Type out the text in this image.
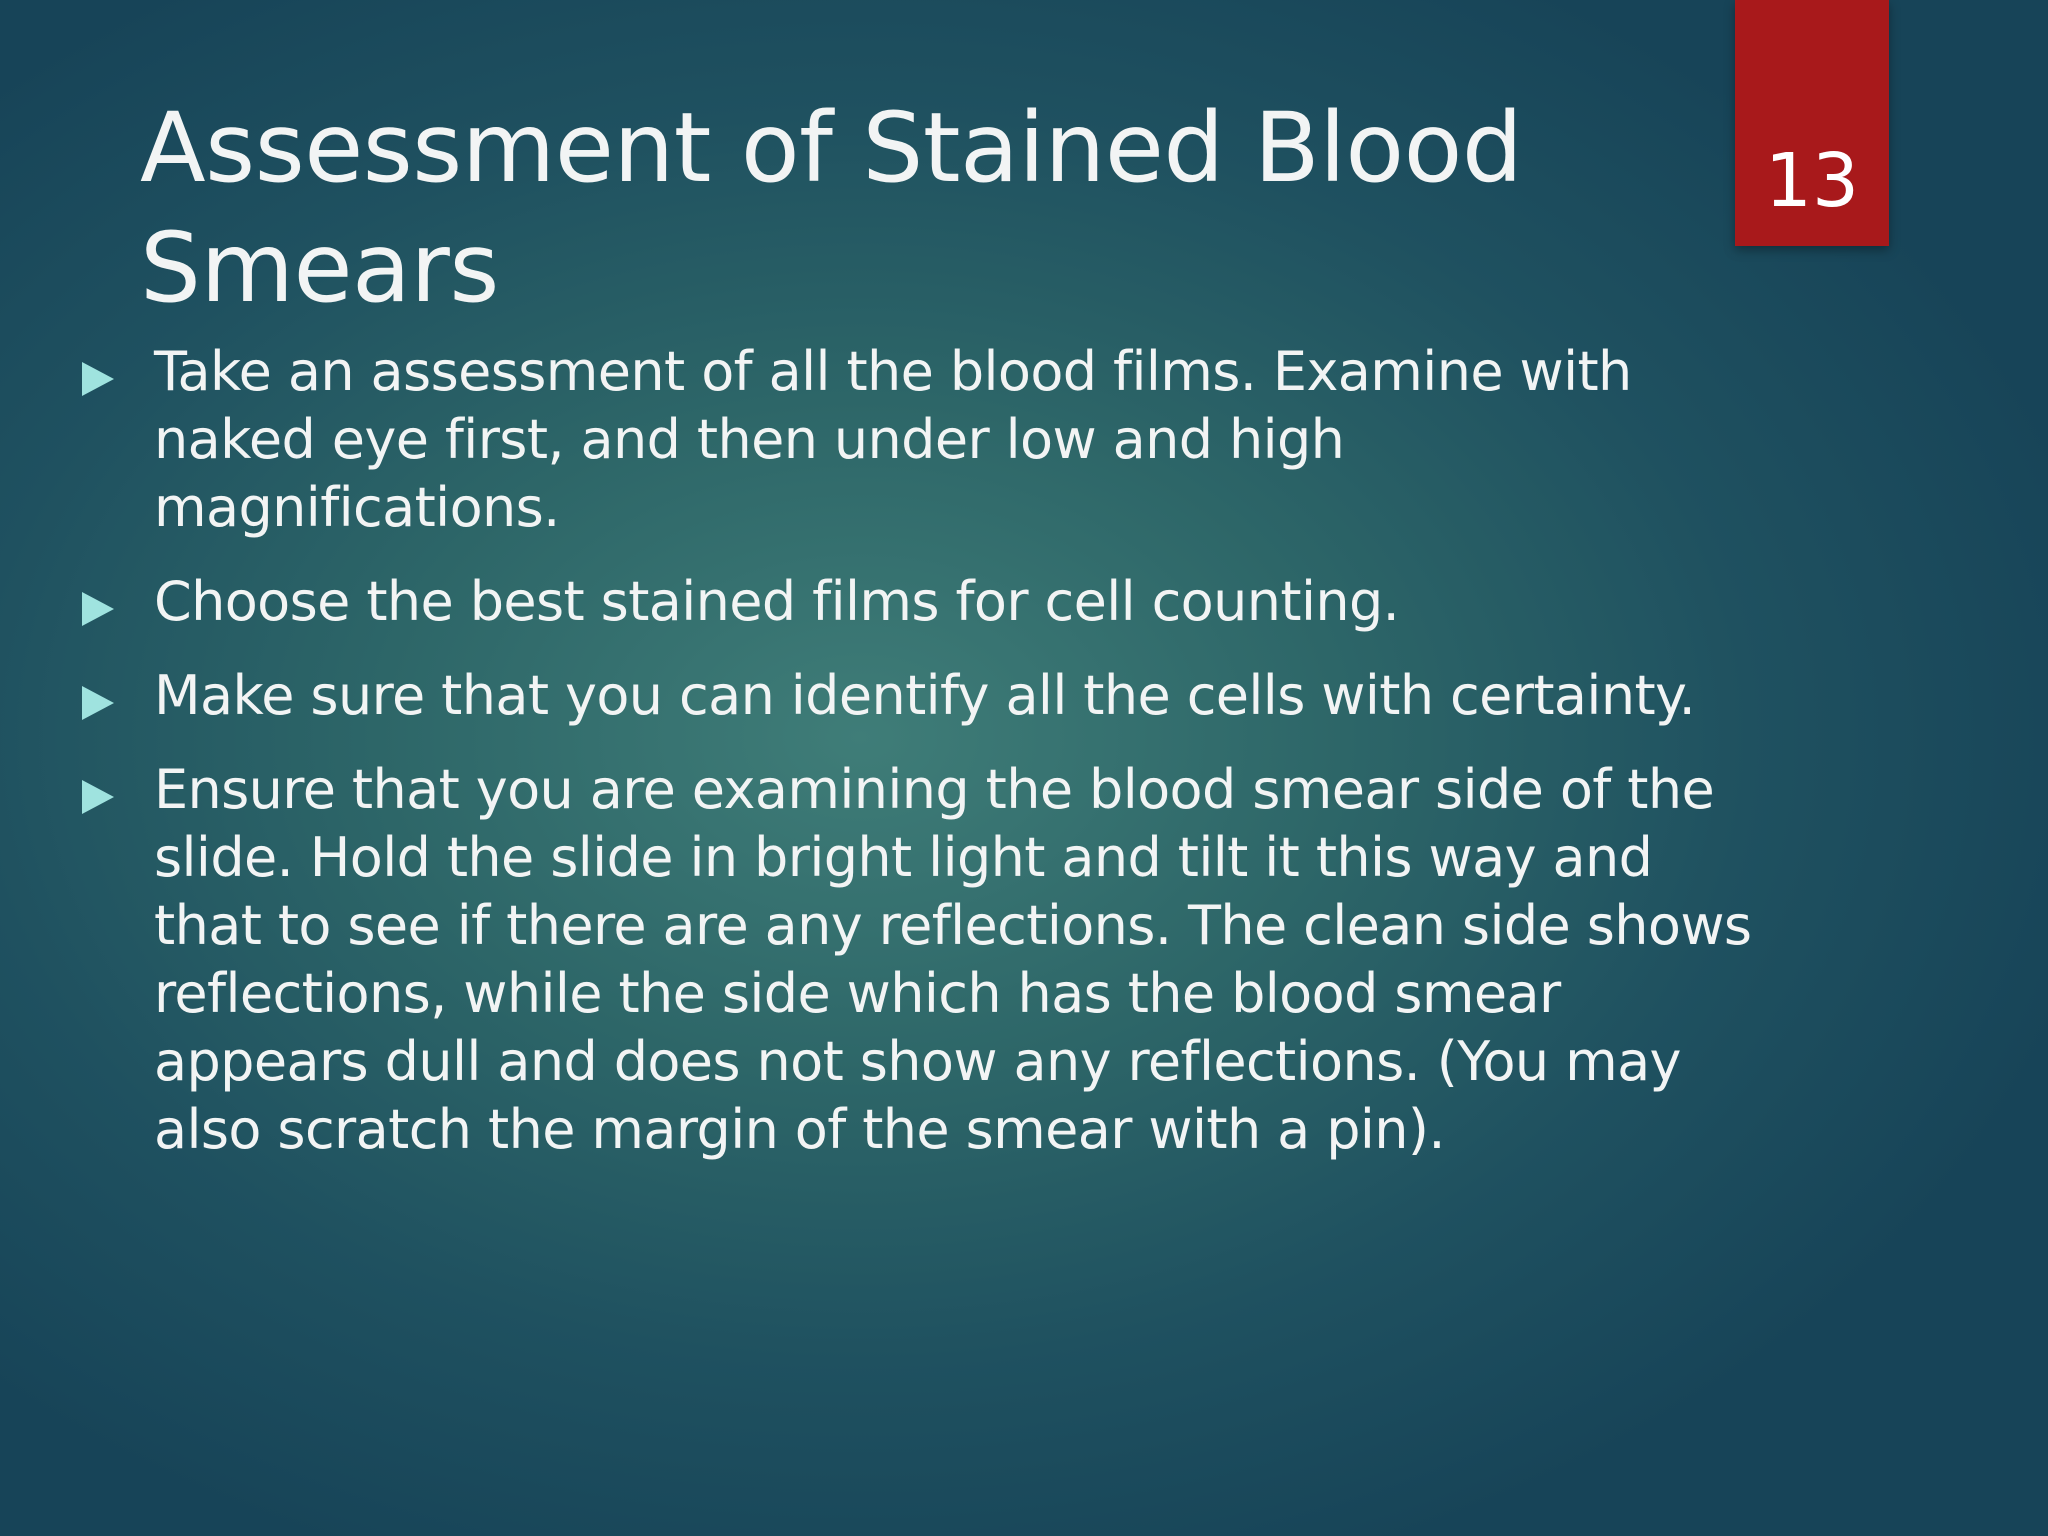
13
Assessment of Stained Blood Smears
Take an assessment of all the blood films. Examine with naked eye first, and then under low and high magnifications.
Choose the best stained films for cell counting.
Make sure that you can identify all the cells with certainty.
Ensure that you are examining the blood smear side of the slide. Hold the slide in bright light and tilt it this way and that to see if there are any reflections. The clean side shows reflections, while the side which has the blood smear appears dull and does not show any reflections. (You may also scratch the margin of the smear with a pin).
